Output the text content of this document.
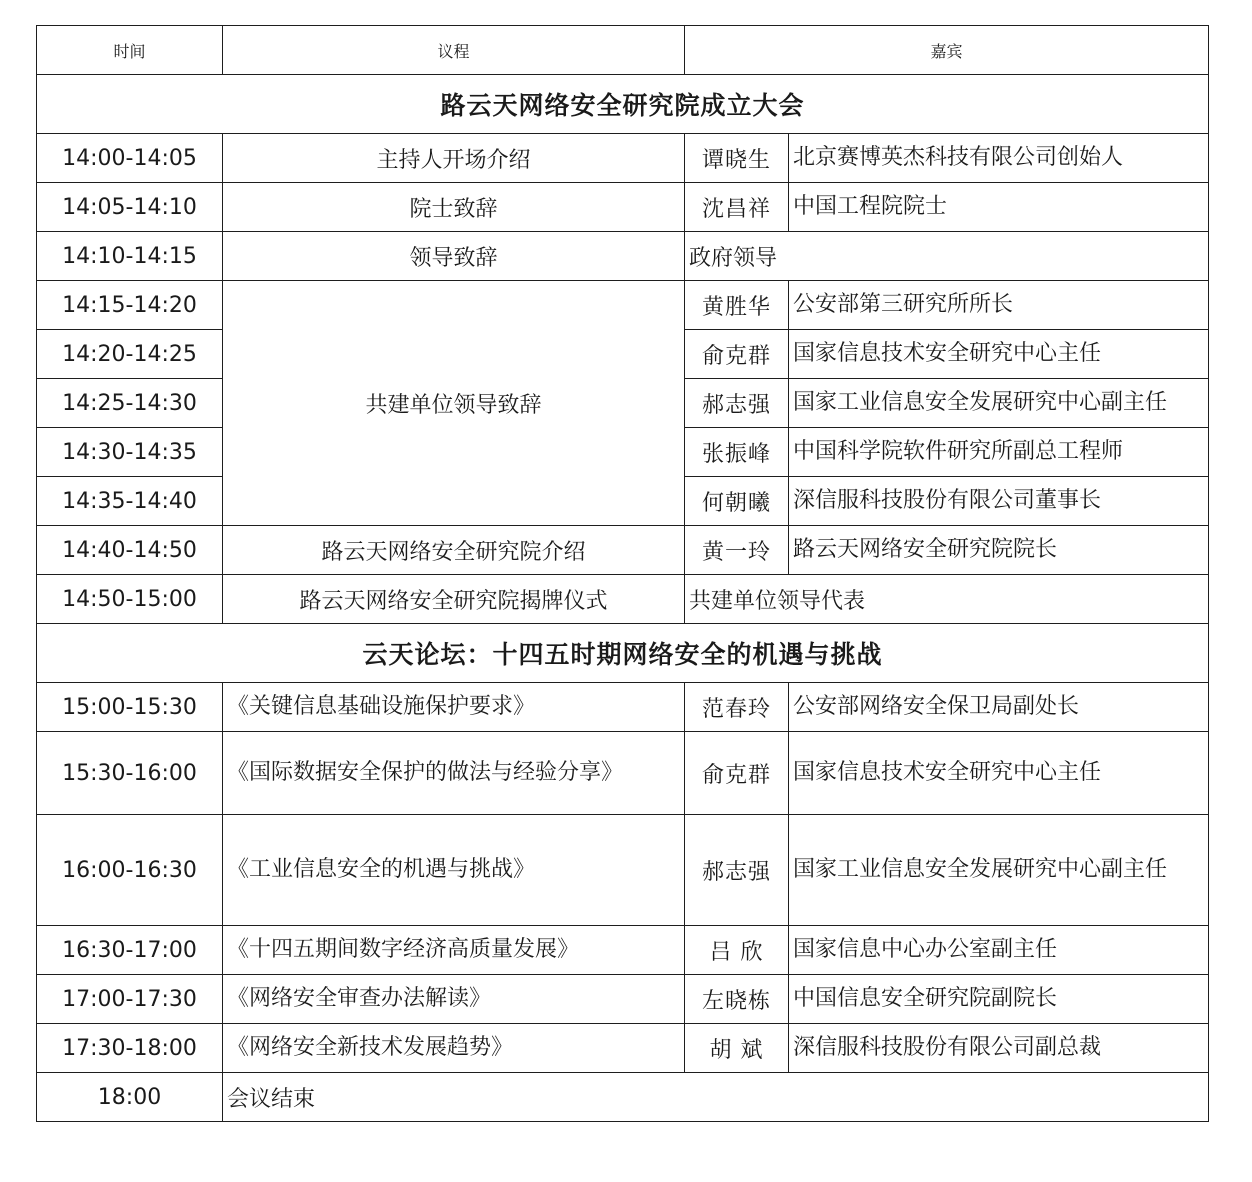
时间	议程	嘉宾	
路云天网络安全研究院成立大会			
14:00-14:05	主持人开场介绍	谭晓生	北京赛博英杰科技有限公司创始人
14:05-14:10	院士致辞	沈昌祥	中国工程院院士
14:10-14:15	领导致辞	政府领导	
14:15-14:20	共建单位领导致辞	黄胜华	公安部第三研究所所长
14:20-14:25		俞克群	国家信息技术安全研究中心主任
14:25-14:30		郝志强	国家工业信息安全发展研究中心副主任
14:30-14:35		张振峰	中国科学院软件研究所副总工程师
14:35-14:40		何朝曦	深信服科技股份有限公司董事长
14:40-14:50	路云天网络安全研究院介绍	黄一玲	路云天网络安全研究院院长
14:50-15:00	路云天网络安全研究院揭牌仪式	共建单位领导代表	
云天论坛：十四五时期网络安全的机遇与挑战			
15:00-15:30	《关键信息基础设施保护要求》	范春玲	公安部网络安全保卫局副处长
15:30-16:00	《国际数据安全保护的做法与经验分享》	俞克群	国家信息技术安全研究中心主任
16:00-16:30	《工业信息安全的机遇与挑战》	郝志强	国家工业信息安全发展研究中心副主任
16:30-17:00	《十四五期间数字经济高质量发展》	吕 欣	国家信息中心办公室副主任
17:00-17:30	《网络安全审查办法解读》	左晓栋	中国信息安全研究院副院长
17:30-18:00	《网络安全新技术发展趋势》	胡 斌	深信服科技股份有限公司副总裁
18:00	会议结束		
